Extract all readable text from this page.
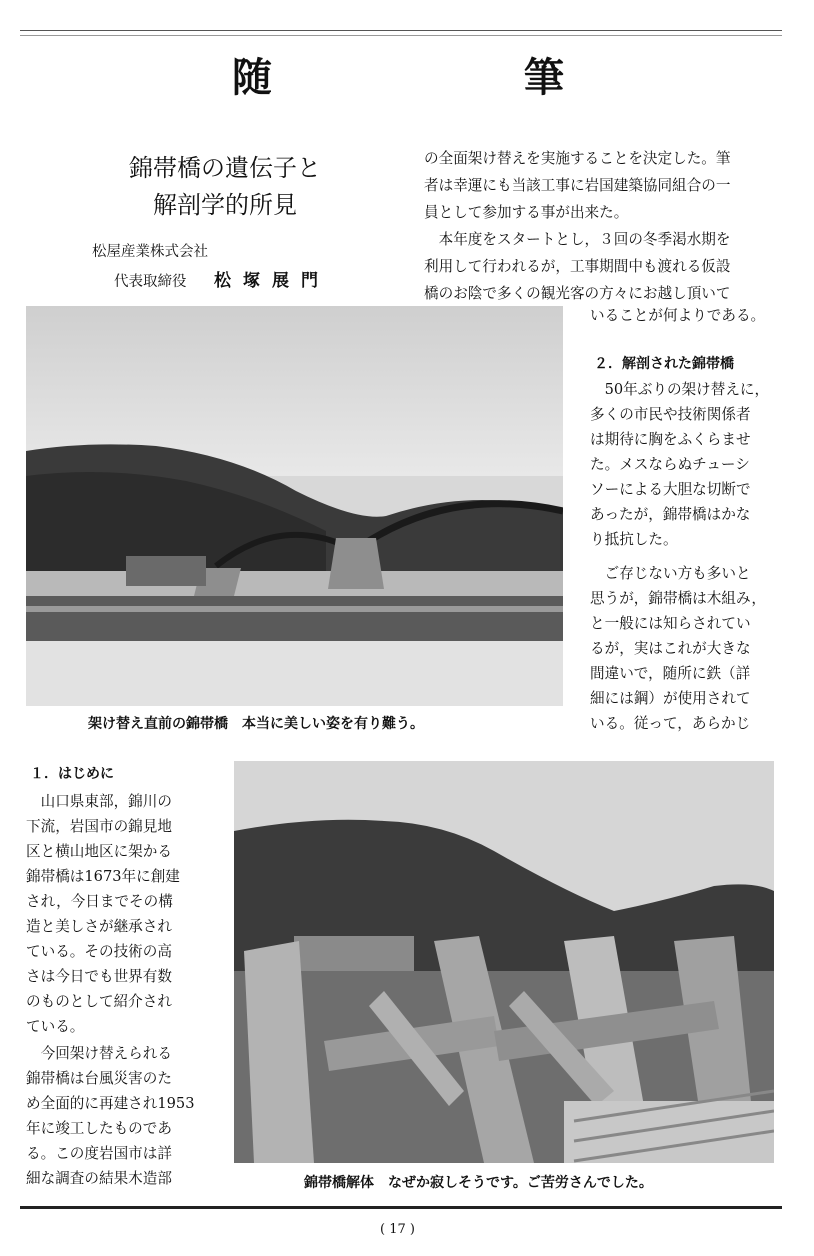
随	筆
錦帯橋の遺伝子と
解剖学的所見
松屋産業株式会社
代表取締役 松塚展門
の全面架け替えを実施することを決定した。筆
者は幸運にも当該工事に岩国建築協同組合の一
員として参加する事が出来た。
　本年度をスタートとし，３回の冬季渇水期を
利用して行われるが，工事期間中も渡れる仮設
橋のお陰で多くの観光客の方々にお越し頂いて
いることが何よりである。
架け替え直前の錦帯橋　本当に美しい姿を有り難う。
２．解剖された錦帯橋
　50年ぶりの架け替えに，
多くの市民や技術関係者
は期待に胸をふくらませ
た。メスならぬチューシ
ソーによる大胆な切断で
あったが，錦帯橋はかな
り抵抗した。
　ご存じない方も多いと
思うが，錦帯橋は木組み，
と一般には知らされてい
るが，実はこれが大きな
間違いで，随所に鉄（詳
細には鋼）が使用されて
いる。従って，あらかじ
１．はじめに
　山口県東部，錦川の
下流，岩国市の錦見地
区と横山地区に架かる
錦帯橋は1673年に創建
され，今日までその構
造と美しさが継承され
ている。その技術の高
さは今日でも世界有数
のものとして紹介され
ている。
　今回架け替えられる
錦帯橋は台風災害のた
め全面的に再建され1953
年に竣工したものであ
る。この度岩国市は詳
細な調査の結果木造部	錦帯橋解体　なぜか寂しそうです。ご苦労さんでした。
( 17 )
